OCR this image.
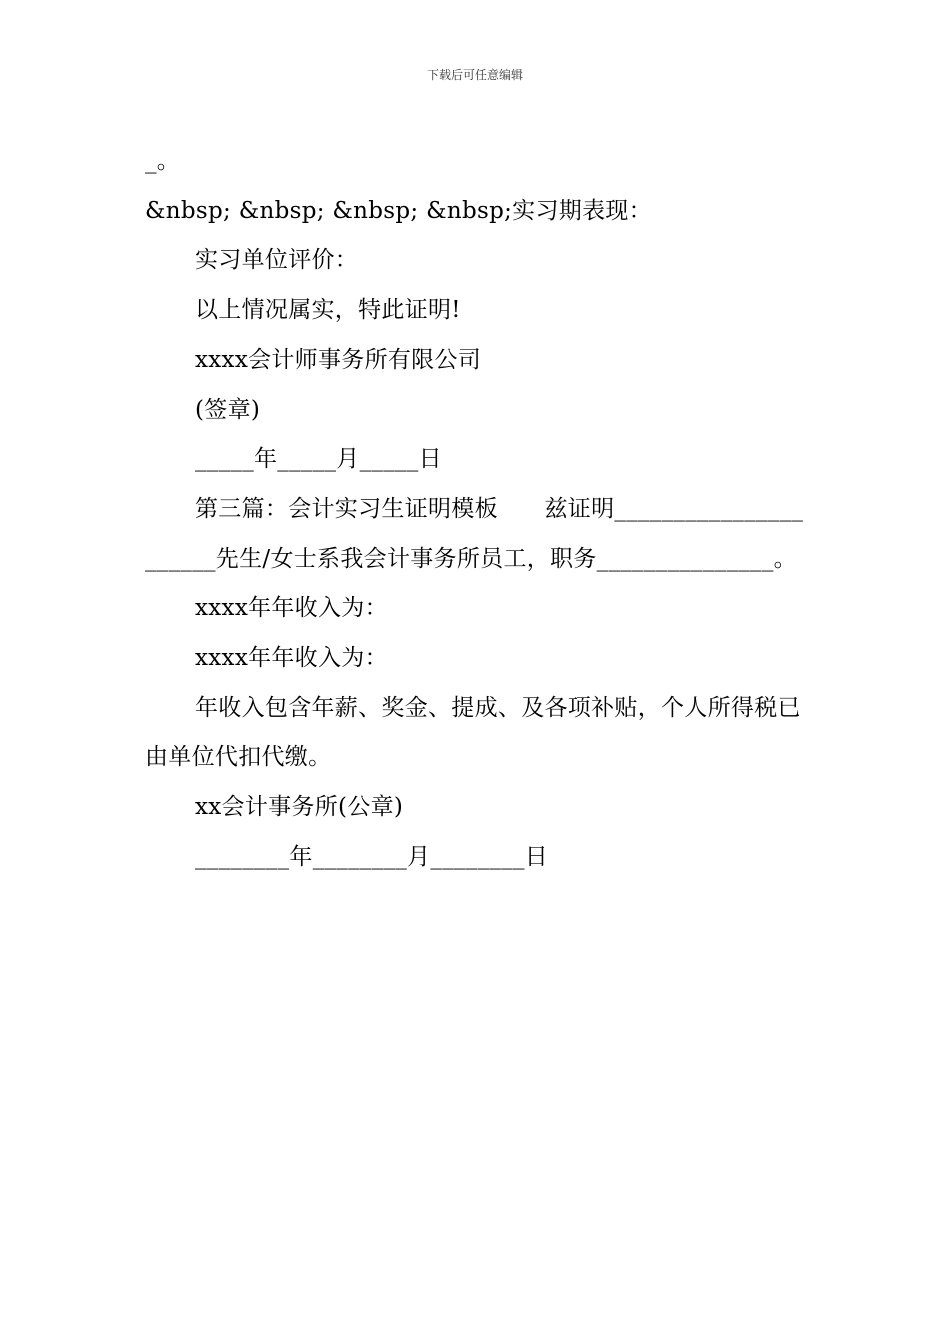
下载后可任意编辑

_。

&nbsp; &nbsp; &nbsp; &nbsp;实习期表现：

实习单位评价：

以上情况属实，特此证明!

xxxx会计师事务所有限公司

(签章)

_____年_____月_____日

第三篇：会计实习生证明模板　　兹证明______________________先生/女士系我会计事务所员工，职务_______________。

xxxx年年收入为：

xxxx年年收入为：

年收入包含年薪、奖金、提成、及各项补贴，个人所得税已由单位代扣代缴。

xx会计事务所(公章)

________年________月________日
